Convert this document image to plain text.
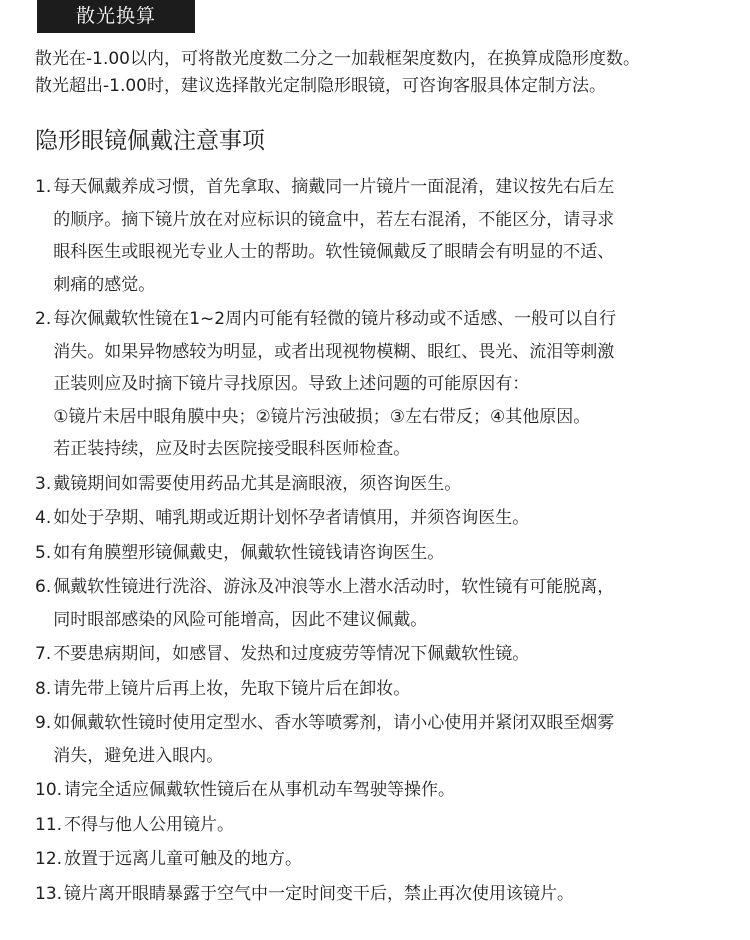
散光换算

散光在-1.00以内，可将散光度数二分之一加载框架度数内，在换算成隐形度数。

散光超出-1.00时，建议选择散光定制隐形眼镜，可咨询客服具体定制方法。

隐形眼镜佩戴注意事项
1. 每天佩戴养成习惯，首先拿取、摘戴同一片镜片一面混淆，建议按先右后左
的顺序。摘下镜片放在对应标识的镜盒中，若左右混淆，不能区分，请寻求
眼科医生或眼视光专业人士的帮助。软性镜佩戴反了眼睛会有明显的不适、
刺痛的感觉。
2. 每次佩戴软性镜在1~2周内可能有轻微的镜片移动或不适感、一般可以自行
消失。如果异物感较为明显，或者出现视物模糊、眼红、畏光、流泪等刺激
正装则应及时摘下镜片寻找原因。导致上述问题的可能原因有：
①镜片未居中眼角膜中央；②镜片污浊破损；③左右带反；④其他原因。
若正装持续，应及时去医院接受眼科医师检查。
3. 戴镜期间如需要使用药品尤其是滴眼液，须咨询医生。
4. 如处于孕期、哺乳期或近期计划怀孕者请慎用，并须咨询医生。
5. 如有角膜塑形镜佩戴史，佩戴软性镜钱请咨询医生。
6. 佩戴软性镜进行洗浴、游泳及冲浪等水上潜水活动时，软性镜有可能脱离，
同时眼部感染的风险可能增高，因此不建议佩戴。
7. 不要患病期间，如感冒、发热和过度疲劳等情况下佩戴软性镜。
8. 请先带上镜片后再上妆，先取下镜片后在卸妆。
9. 如佩戴软性镜时使用定型水、香水等喷雾剂，请小心使用并紧闭双眼至烟雾
消失，避免进入眼内。
10. 请完全适应佩戴软性镜后在从事机动车驾驶等操作。
11. 不得与他人公用镜片。
12. 放置于远离儿童可触及的地方。
13. 镜片离开眼睛暴露于空气中一定时间变干后，禁止再次使用该镜片。
